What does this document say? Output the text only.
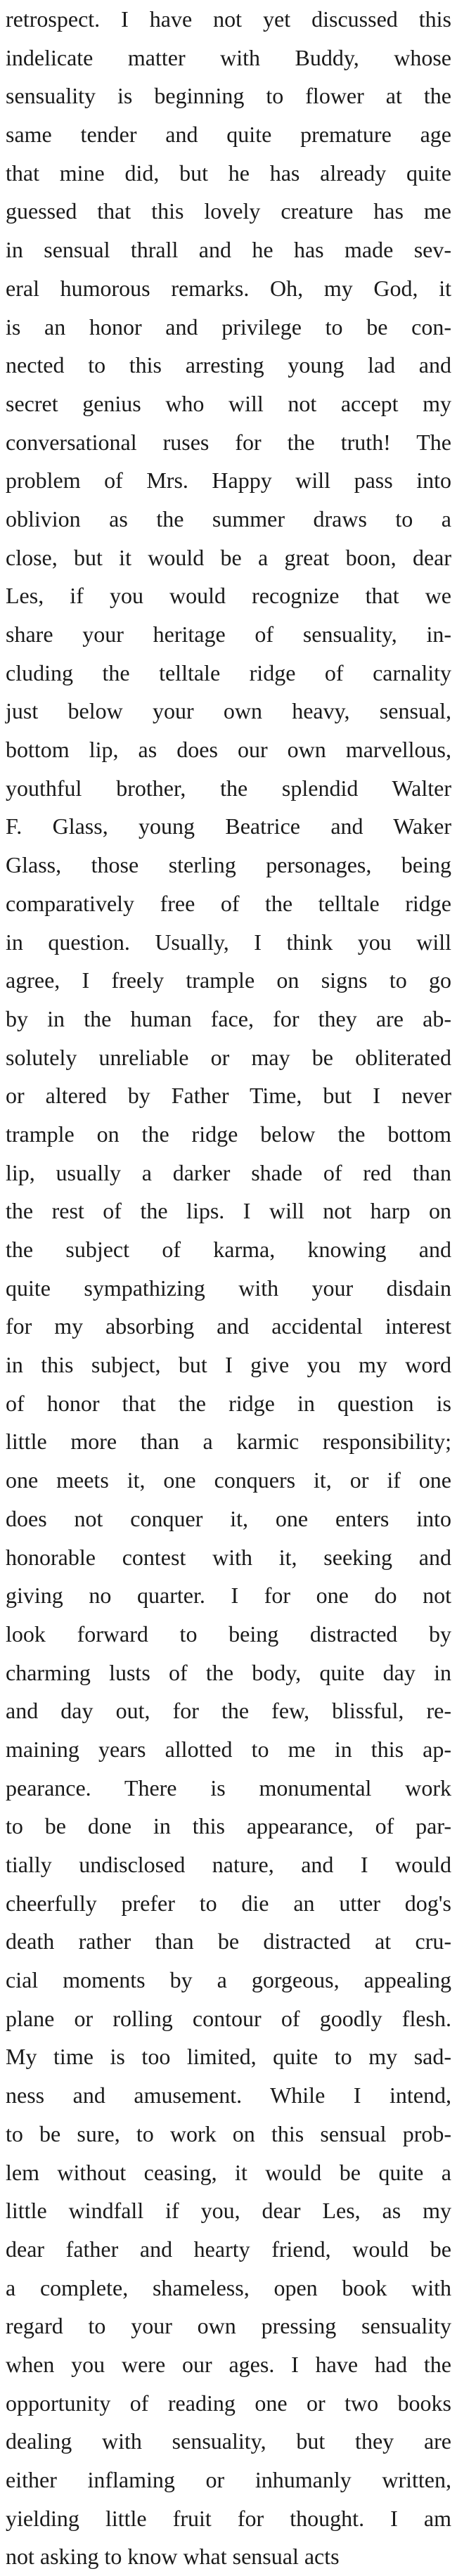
retrospect. I have not yet discussed this
indelicate matter with Buddy, whose
sensuality is beginning to flower at the
same tender and quite premature age
that mine did, but he has already quite
guessed that this lovely creature has me
in sensual thrall and he has made sev-
eral humorous remarks. Oh, my God, it
is an honor and privilege to be con-
nected to this arresting young lad and
secret genius who will not accept my
conversational ruses for the truth! The
problem of Mrs. Happy will pass into
oblivion as the summer draws to a
close, but it would be a great boon, dear
Les, if you would recognize that we
share your heritage of sensuality, in-
cluding the telltale ridge of carnality
just below your own heavy, sensual,
bottom lip, as does our own marvellous,
youthful brother, the splendid Walter
F. Glass, young Beatrice and Waker
Glass, those sterling personages, being
comparatively free of the telltale ridge
in question. Usually, I think you will
agree, I freely trample on signs to go
by in the human face, for they are ab-
solutely unreliable or may be obliterated
or altered by Father Time, but I never
trample on the ridge below the bottom
lip, usually a darker shade of red than
the rest of the lips. I will not harp on
the subject of karma, knowing and
quite sympathizing with your disdain
for my absorbing and accidental interest
in this subject, but I give you my word
of honor that the ridge in question is
little more than a karmic responsibility;
one meets it, one conquers it, or if one
does not conquer it, one enters into
honorable contest with it, seeking and
giving no quarter. I for one do not
look forward to being distracted by
charming lusts of the body, quite day in
and day out, for the few, blissful, re-
maining years allotted to me in this ap-
pearance. There is monumental work
to be done in this appearance, of par-
tially undisclosed nature, and I would
cheerfully prefer to die an utter dog's
death rather than be distracted at cru-
cial moments by a gorgeous, appealing
plane or rolling contour of goodly flesh.
My time is too limited, quite to my sad-
ness and amusement. While I intend,
to be sure, to work on this sensual prob-
lem without ceasing, it would be quite a
little windfall if you, dear Les, as my
dear father and hearty friend, would be
a complete, shameless, open book with
regard to your own pressing sensuality
when you were our ages. I have had the
opportunity of reading one or two books
dealing with sensuality, but they are
either inflaming or inhumanly written,
yielding little fruit for thought. I am
not asking to know what sensual acts
